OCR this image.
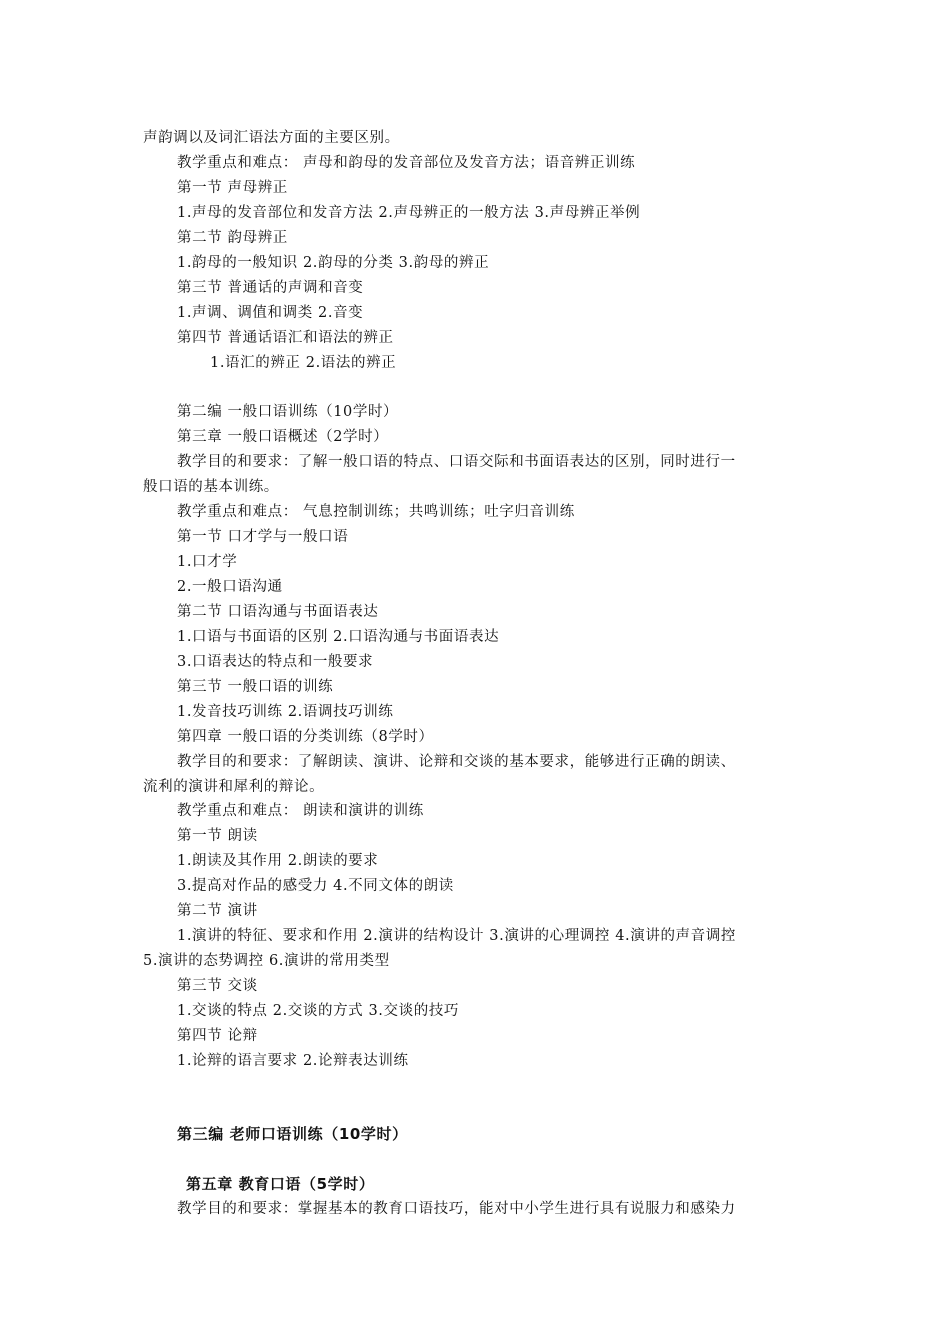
声韵调以及词汇语法方面的主要区别。
教学重点和难点： 声母和韵母的发音部位及发音方法；语音辨正训练
第一节 声母辨正
1.声母的发音部位和发音方法 2.声母辨正的一般方法 3.声母辨正举例
第二节 韵母辨正
1.韵母的一般知识 2.韵母的分类 3.韵母的辨正
第三节 普通话的声调和音变
1.声调、调值和调类 2.音变
第四节 普通话语汇和语法的辨正
1.语汇的辨正 2.语法的辨正
第二编 一般口语训练（10学时）
第三章 一般口语概述（2学时）
教学目的和要求：了解一般口语的特点、口语交际和书面语表达的区别，同时进行一
般口语的基本训练。
教学重点和难点： 气息控制训练；共鸣训练；吐字归音训练
第一节 口才学与一般口语
1.口才学
2.一般口语沟通
第二节 口语沟通与书面语表达
1.口语与书面语的区别 2.口语沟通与书面语表达
3.口语表达的特点和一般要求
第三节 一般口语的训练
1.发音技巧训练 2.语调技巧训练
第四章 一般口语的分类训练（8学时）
教学目的和要求：了解朗读、演讲、论辩和交谈的基本要求，能够进行正确的朗读、
流利的演讲和犀利的辩论。
教学重点和难点： 朗读和演讲的训练
第一节 朗读
1.朗读及其作用 2.朗读的要求
3.提高对作品的感受力 4.不同文体的朗读
第二节 演讲
1.演讲的特征、要求和作用 2.演讲的结构设计 3.演讲的心理调控 4.演讲的声音调控
5.演讲的态势调控 6.演讲的常用类型
第三节 交谈
1.交谈的特点 2.交谈的方式 3.交谈的技巧
第四节 论辩
1.论辩的语言要求 2.论辩表达训练
第三编 老师口语训练（10学时）
第五章 教育口语（5学时）
教学目的和要求：掌握基本的教育口语技巧，能对中小学生进行具有说服力和感染力
